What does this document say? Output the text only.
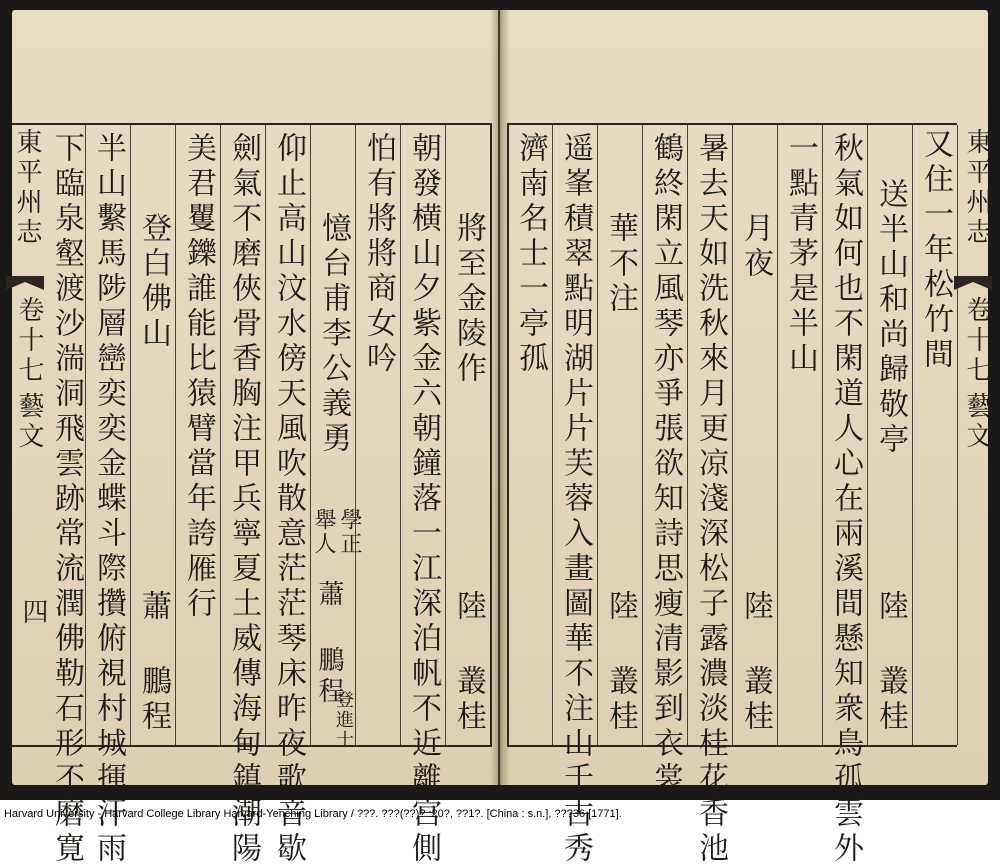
東平州志
卷十七
藝文
東平州志
卷十七
藝文
四
又住一年松竹間
送半山和尚歸敬亭
陸 叢桂
秋氣如何也不閑道人心在兩溪間懸知衆鳥孤雲外
一點青茅是半山
月夜
陸 叢桂
暑去天如洗秋來月更凉淺深松子露濃淡桂花香池
鶴終閑立風琴亦爭張欲知詩思瘦清影到衣裳
華不注
陸 叢桂
遥峯積翠點明湖片片芙蓉入畫圖華不注山千古秀
濟南名士一亭孤
將至金陵作
陸 叢桂
朝發横山夕紫金六朝鐘落一江深泊帆不近離宫側
怕有將將商女吟
憶台甫李公義勇
學正
舉人
蕭 鵬程
登進士
仰止高山汶水傍天風吹散意茫茫琴床昨夜歌音歇
劍氣不磨俠骨香胸注甲兵寧夏土威傳海甸鎮潮陽
美君矍鑠誰能比猿臂當年誇雁行
登白佛山
蕭 鵬程
半山繫馬陟層巒奕奕金蝶斗際攢俯視村城揮汗雨
下臨泉壑渡沙湍洞飛雲跡常流潤佛勒石形不磨寛
Harvard University - Harvard College Library Harvard-Yenching Library / ???. ???(??)? :20?, ??1?. [China : s.n.], ???36 [1771].
